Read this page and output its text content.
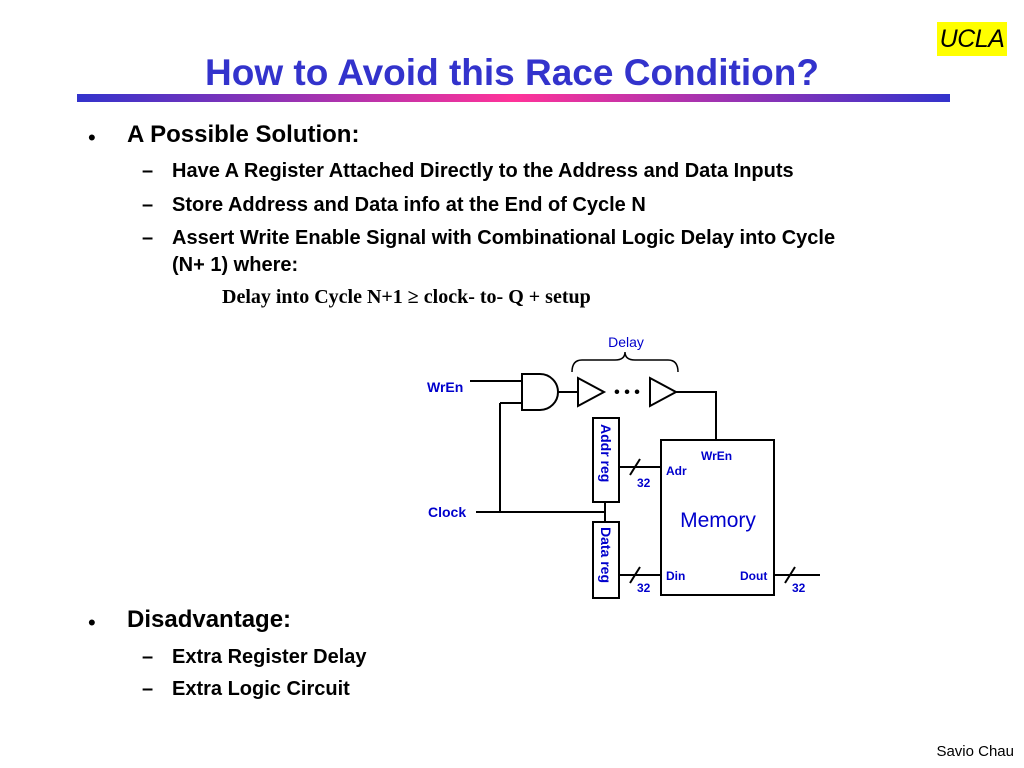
How to Avoid this Race Condition?
UCLA
• A Possible Solution:
– Have A Register Attached Directly to the Address and Data Inputs
– Store Address and Data info at the End of Cycle N
– Assert Write Enable Signal with Combinational Logic Delay into Cycle
(N+ 1) where:
Delay into Cycle N+1 ≥ clock- to- Q + setup
• Disadvantage:
– Extra Register Delay
– Extra Logic Circuit
Savio Chau
WrEn
Clock
Delay
• • •
Addr reg
Data reg
Memory
WrEn
Adr
Din	Dout
32
32	32
